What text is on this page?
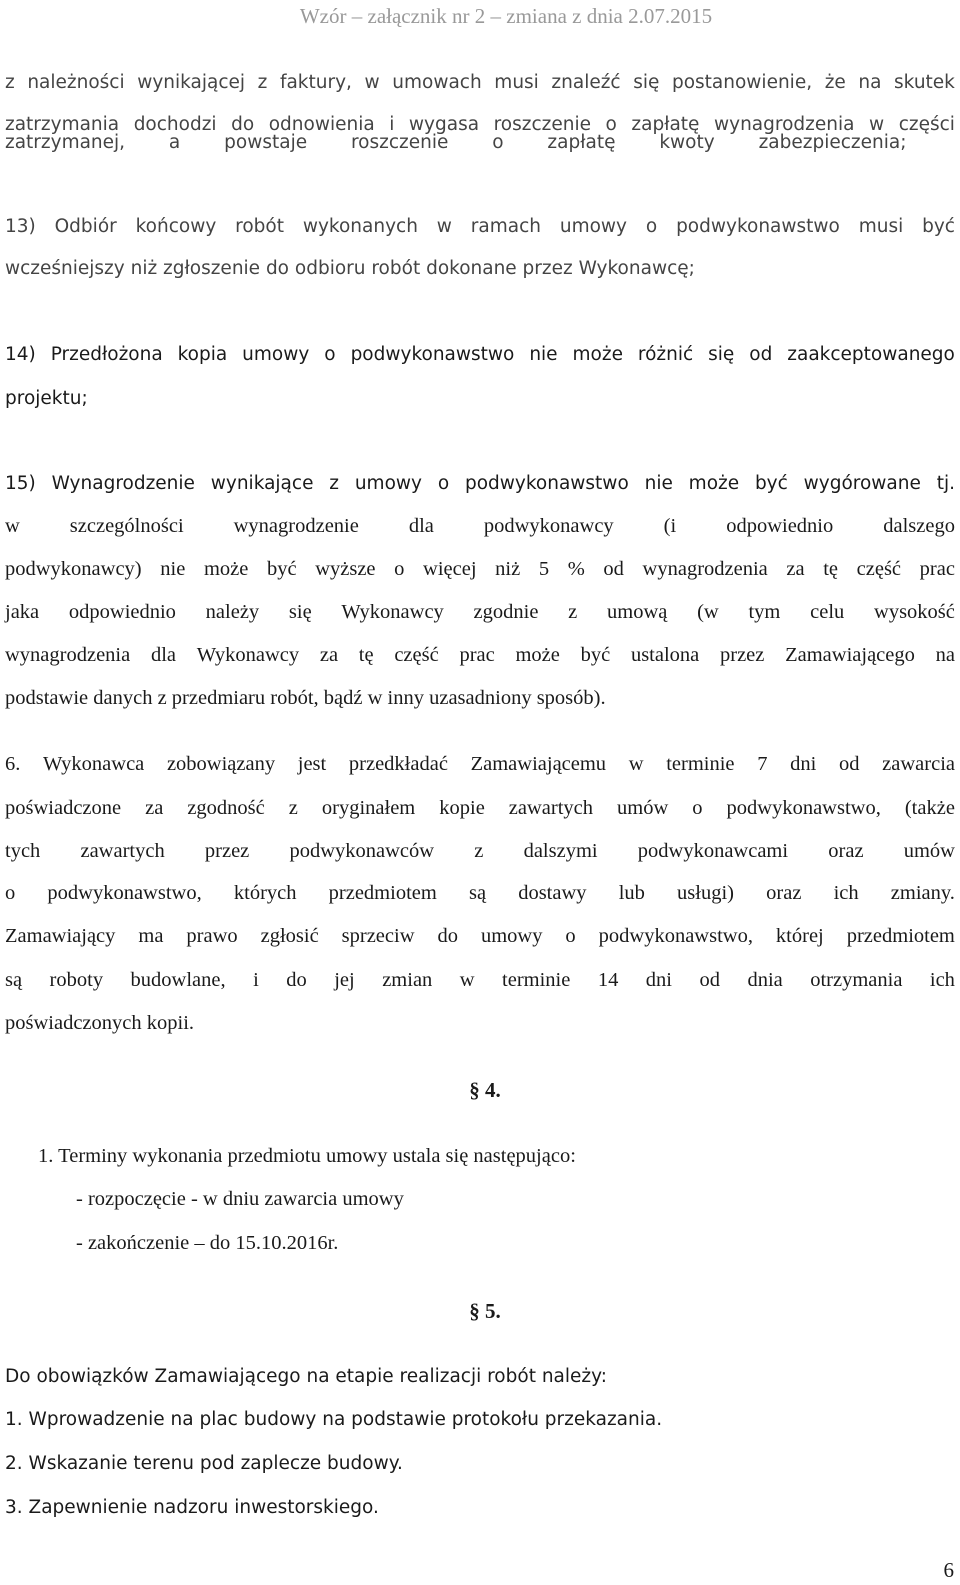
Wzór – załącznik nr 2 – zmiana z dnia 2.07.2015
z należności wynikającej z faktury, w umowach musi znaleźć się postanowienie, że na skutek
zatrzymania dochodzi do odnowienia i wygasa roszczenie o zapłatę wynagrodzenia w części
zatrzymanej, a powstaje roszczenie o zapłatę kwoty zabezpieczenia;
13) Odbiór końcowy robót wykonanych w ramach umowy o podwykonawstwo musi być
wcześniejszy niż zgłoszenie do odbioru robót dokonane przez Wykonawcę;
14) Przedłożona kopia umowy o podwykonawstwo nie może różnić się od zaakceptowanego
projektu;
15) Wynagrodzenie wynikające z umowy o podwykonawstwo nie może być wygórowane tj.
w szczególności wynagrodzenie dla podwykonawcy (i odpowiednio dalszego
podwykonawcy) nie może być wyższe o więcej niż 5 % od wynagrodzenia za tę część prac
jaka odpowiednio należy się Wykonawcy zgodnie z umową (w tym celu wysokość
wynagrodzenia dla Wykonawcy za tę część prac może być ustalona przez Zamawiającego na
podstawie danych z przedmiaru robót, bądź w inny uzasadniony sposób).
6. Wykonawca zobowiązany jest przedkładać Zamawiającemu w terminie 7 dni od zawarcia
poświadczone za zgodność z oryginałem kopie zawartych umów o podwykonawstwo, (także
tych zawartych przez podwykonawców z dalszymi podwykonawcami oraz umów
o podwykonawstwo, których przedmiotem są dostawy lub usługi) oraz ich zmiany.
Zamawiający ma prawo zgłosić sprzeciw do umowy o podwykonawstwo, której przedmiotem
są roboty budowlane, i do jej zmian w terminie 14 dni od dnia otrzymania ich
poświadczonych kopii.
§ 4.
1. Terminy wykonania przedmiotu umowy ustala się następująco:
- rozpoczęcie - w dniu zawarcia umowy
- zakończenie – do 15.10.2016r.
§ 5.
Do obowiązków Zamawiającego na etapie realizacji robót należy:
1. Wprowadzenie na plac budowy na podstawie protokołu przekazania.
2. Wskazanie terenu pod zaplecze budowy.
3. Zapewnienie nadzoru inwestorskiego.
6
